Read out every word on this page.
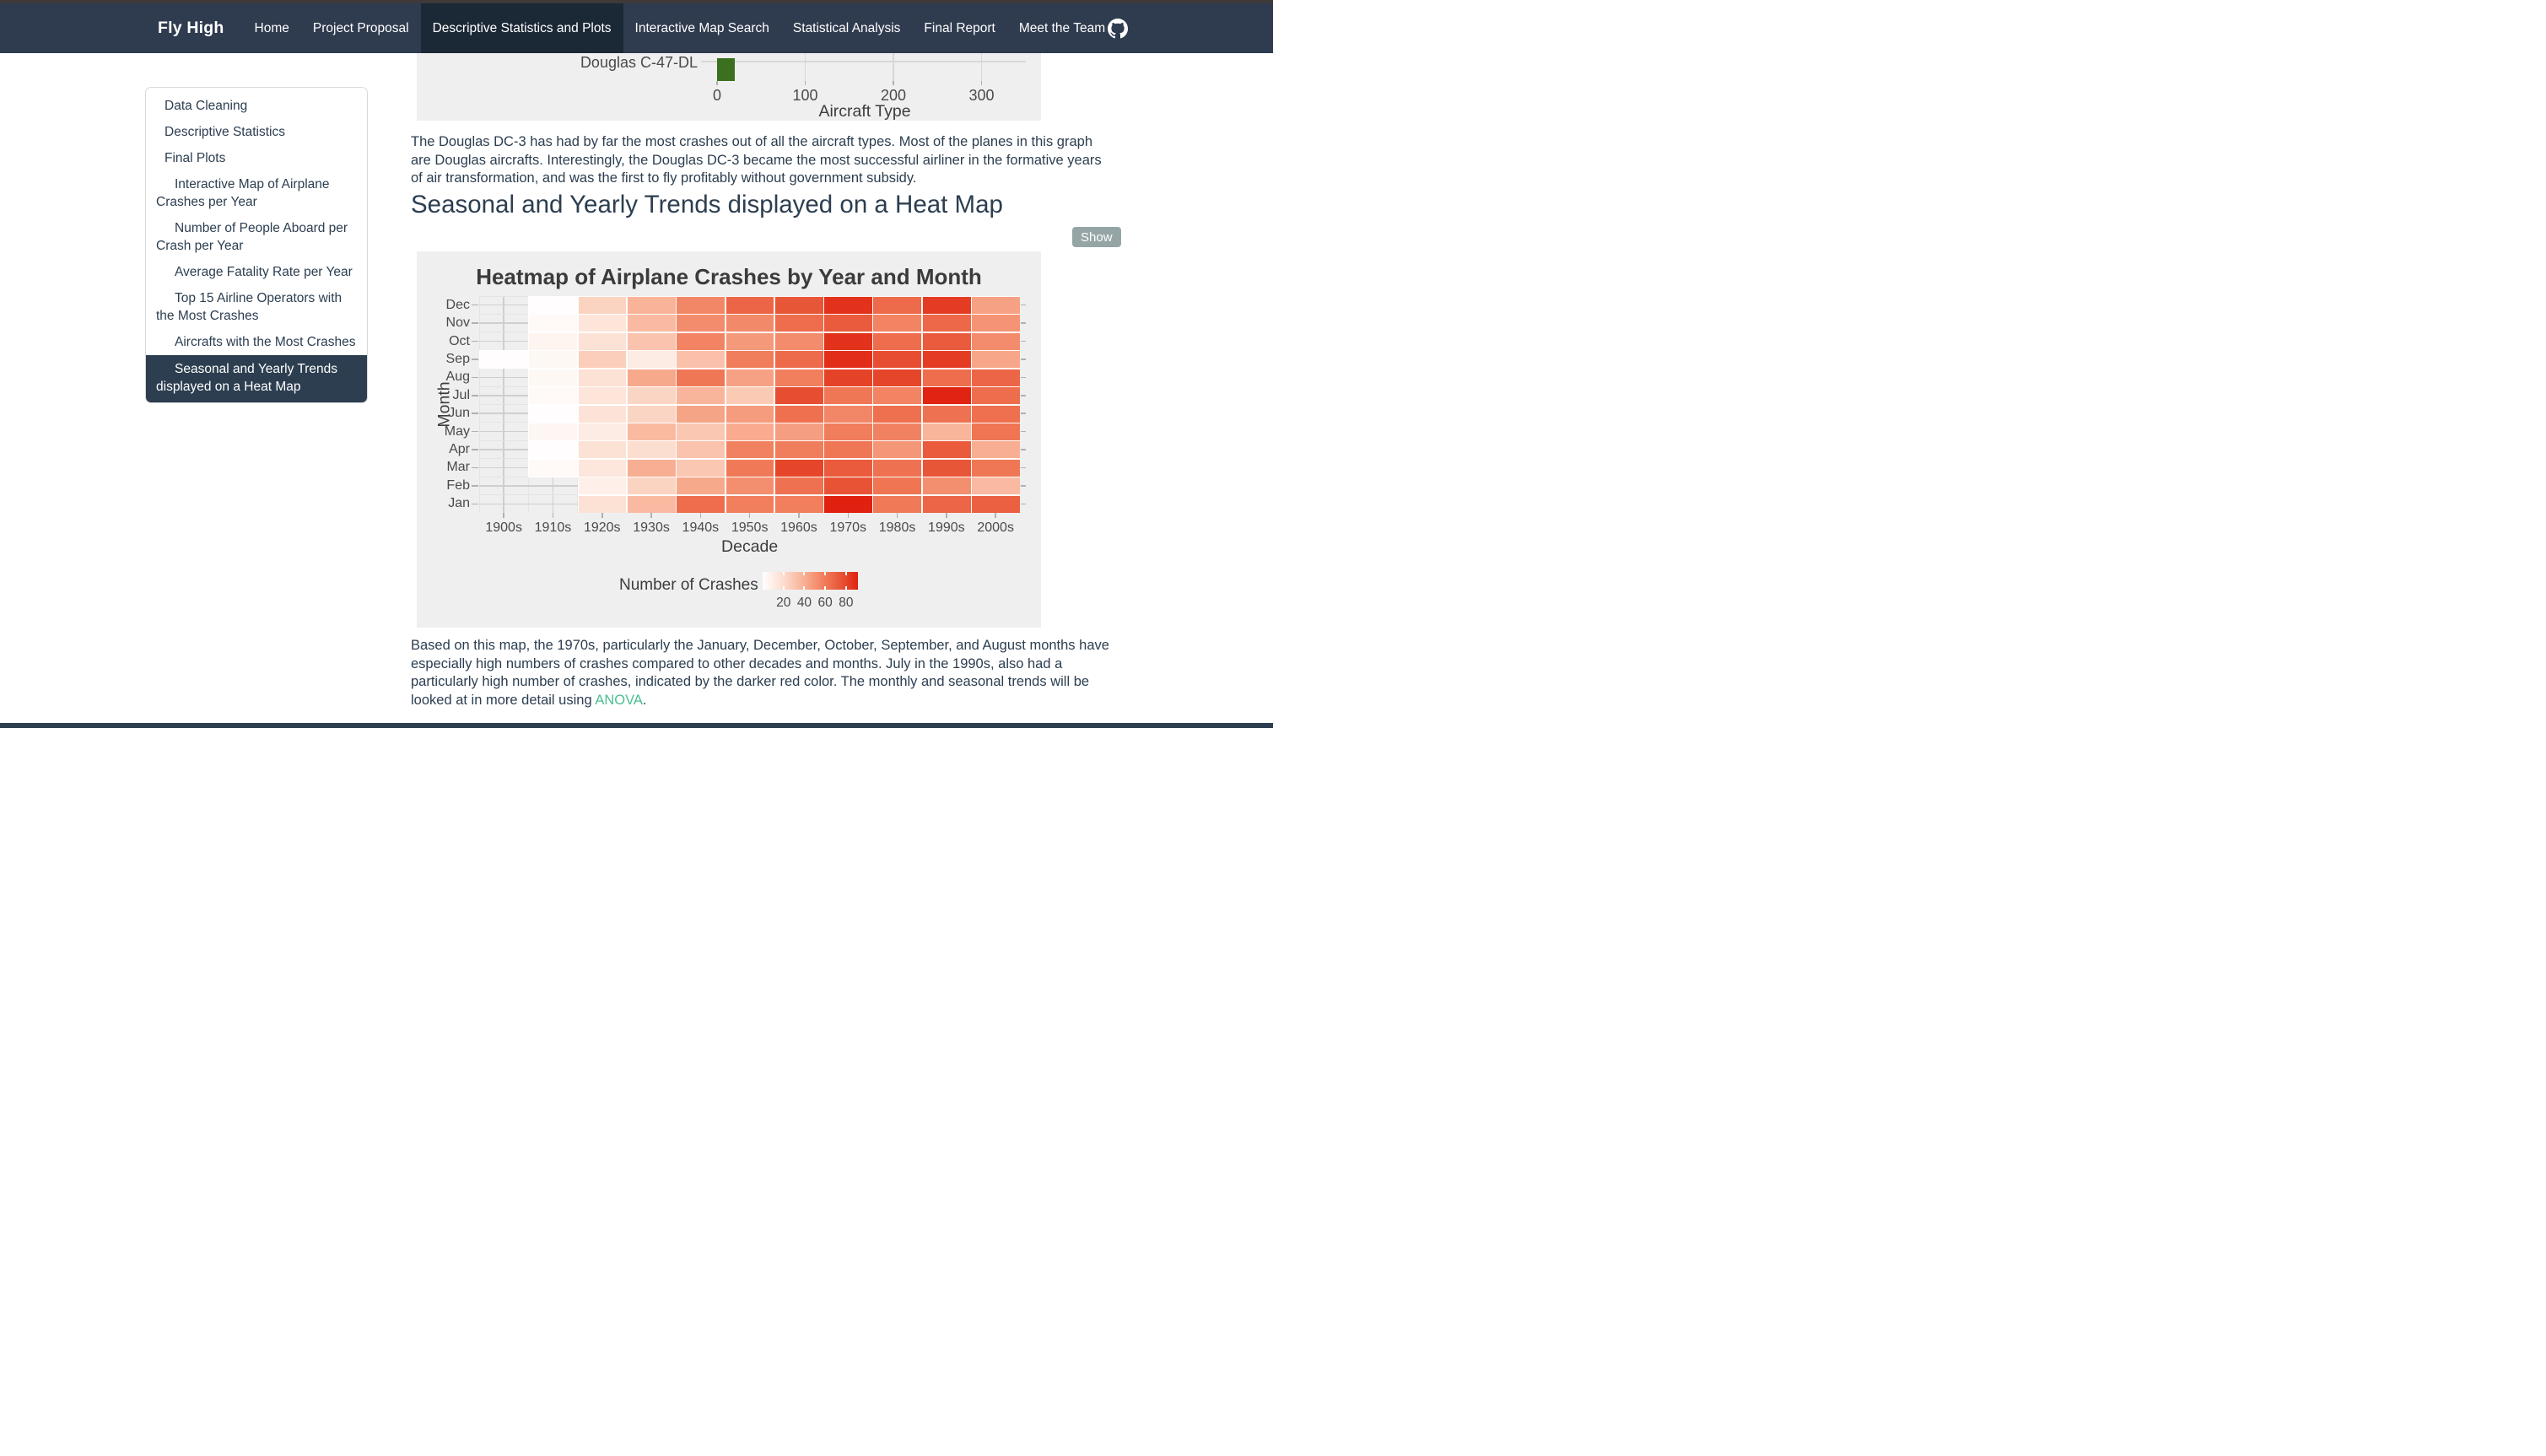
Fly High	Home	Project Proposal	Descriptive Statistics and Plots	Interactive Map Search	Statistical Analysis	Final Report	Meet the Team
Data Cleaning
Descriptive Statistics
Final Plots
Interactive Map of Airplane Crashes per Year
Number of People Aboard per Crash per Year
Average Fatality Rate per Year
Top 15 Airline Operators with the Most Crashes
Aircrafts with the Most Crashes
Seasonal and Yearly Trends displayed on a Heat Map
Douglas C-47-DL
0	100	200	300
Aircraft Type
The Douglas DC-3 has had by far the most crashes out of all the aircraft types. Most of the planes in this graph are Douglas aircrafts. Interestingly, the Douglas DC-3 became the most successful airliner in the formative years of air transformation, and was the first to fly profitably without government subsidy.
Seasonal and Yearly Trends displayed on a Heat Map
Show
Heatmap of Airplane Crashes by Year and Month
Dec
Nov
Oct
Sep
Aug
Jul
Jun
May
Apr
Mar
Feb
Jan
1900s 1910s 1920s 1930s 1940s 1950s 1960s 1970s 1980s 1990s 2000s
Decade
Month
Number of Crashes
20 40 60 80
Based on this map, the 1970s, particularly the January, December, October, September, and August months have especially high numbers of crashes compared to other decades and months. July in the 1990s, also had a particularly high number of crashes, indicated by the darker red color. The monthly and seasonal trends will be looked at in more detail using ANOVA.
